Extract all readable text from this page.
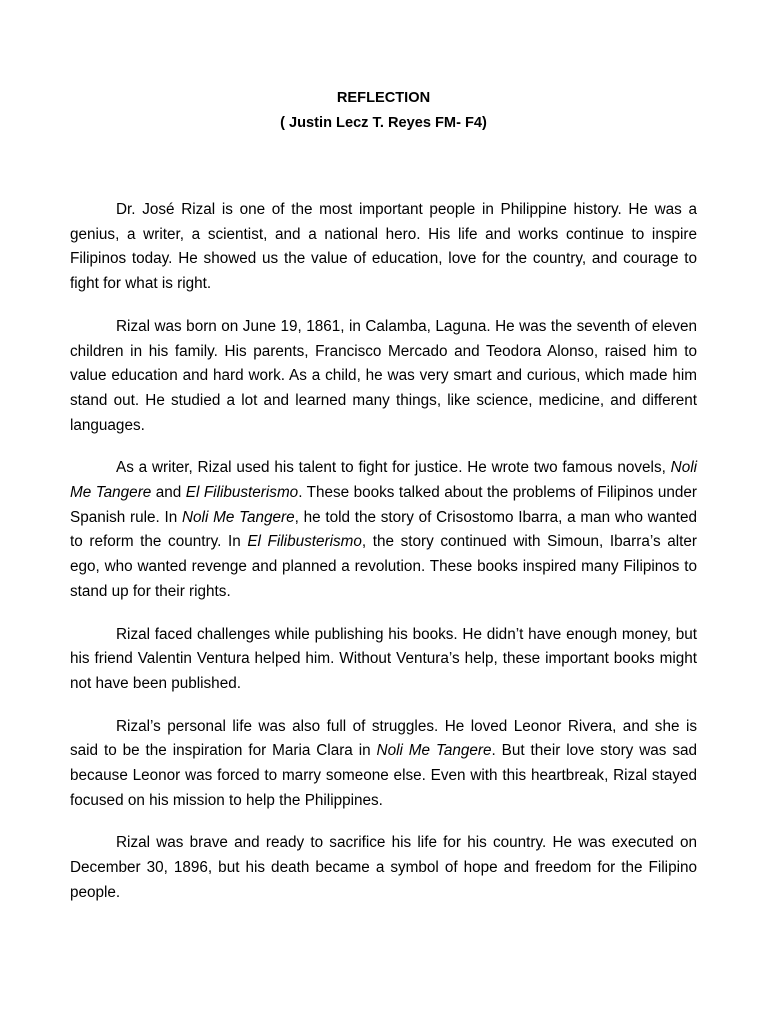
REFLECTION

( Justin Lecz T. Reyes FM- F4)

Dr. José Rizal is one of the most important people in Philippine history. He was a genius, a writer, a scientist, and a national hero. His life and works continue to inspire Filipinos today. He showed us the value of education, love for the country, and courage to fight for what is right.

Rizal was born on June 19, 1861, in Calamba, Laguna. He was the seventh of eleven children in his family. His parents, Francisco Mercado and Teodora Alonso, raised him to value education and hard work. As a child, he was very smart and curious, which made him stand out. He studied a lot and learned many things, like science, medicine, and different languages.

As a writer, Rizal used his talent to fight for justice. He wrote two famous novels, Noli Me Tangere and El Filibusterismo. These books talked about the problems of Filipinos under Spanish rule. In Noli Me Tangere, he told the story of Crisostomo Ibarra, a man who wanted to reform the country. In El Filibusterismo, the story continued with Simoun, Ibarra’s alter ego, who wanted revenge and planned a revolution. These books inspired many Filipinos to stand up for their rights.

Rizal faced challenges while publishing his books. He didn’t have enough money, but his friend Valentin Ventura helped him. Without Ventura’s help, these important books might not have been published.

Rizal’s personal life was also full of struggles. He loved Leonor Rivera, and she is said to be the inspiration for Maria Clara in Noli Me Tangere. But their love story was sad because Leonor was forced to marry someone else. Even with this heartbreak, Rizal stayed focused on his mission to help the Philippines.

Rizal was brave and ready to sacrifice his life for his country. He was executed on December 30, 1896, but his death became a symbol of hope and freedom for the Filipino people.
